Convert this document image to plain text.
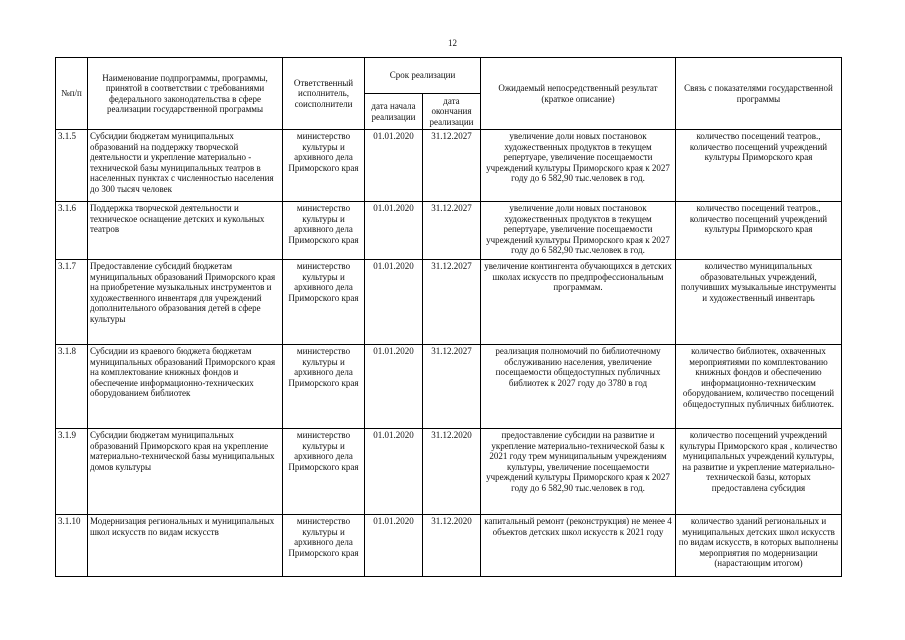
12
№п/п	Наименование подпрограммы, программы, принятой в соответствии с требованиями федерального законодательства в сфере реализации государственной программы	Ответственный исполнитель, соисполнители	Срок реализации		Ожидаемый непосредственный результат (краткое описание)	Связь с показателями государственной программы
			дата начала реализации	дата окончания реализации		
3.1.5	Субсидии бюджетам муниципальных образований на поддержку творческой деятельности и укрепление материально - технической базы муниципальных театров в населенных пунктах с численностью населения до 300 тысяч человек	министерство культуры и архивного дела Приморского края	01.01.2020	31.12.2027	увеличение доли новых постановок художественных продуктов в текущем репертуаре, увеличение посещаемости учреждений культуры Приморского края к 2027 году до 6 582,90 тыс.человек в год.	количество посещений театров., количество посещений учреждений культуры Приморского края
3.1.6	Поддержка творческой деятельности и техническое оснащение детских и кукольных театров	министерство культуры и архивного дела Приморского края	01.01.2020	31.12.2027	увеличение доли новых постановок художественных продуктов в текущем репертуаре, увеличение посещаемости учреждений культуры Приморского края к 2027 году до 6 582,90 тыс.человек в год.	количество посещений театров., количество посещений учреждений культуры Приморского края
3.1.7	Предоставление субсидий бюджетам муниципальных образований Приморского края на приобретение музыкальных инструментов и художественного инвентаря для учреждений дополнительного образования детей в сфере культуры	министерство культуры и архивного дела Приморского края	01.01.2020	31.12.2027	увеличение контингента обучающихся в детских школах искусств по предпрофессиональным программам.	количество муниципальных образовательных учреждений, получивших музыкальные инструменты и художественный инвентарь
3.1.8	Субсидии из краевого бюджета бюджетам муниципальных образований Приморского края на комплектование книжных фондов и обеспечение информационно-технических оборудованием библиотек	министерство культуры и архивного дела Приморского края	01.01.2020	31.12.2027	реализация полномочий по библиотечному обслуживанию населения, увеличение посещаемости общедоступных публичных библиотек к 2027 году до 3780 в год	количество библиотек, охваченных мероприятиями по комплектованию книжных фондов и обеспечению информационно-техническим оборудованием, количество посещений общедоступных публичных библиотек.
3.1.9	Субсидии бюджетам муниципальных образований Приморского края на укрепление материально-технической базы муниципальных домов культуры	министерство культуры и архивного дела Приморского края	01.01.2020	31.12.2020	предоставление субсидии на развитие и укрепление материально-технической базы к 2021 году трем муниципальным учреждениям культуры, увеличение посещаемости учреждений культуры Приморского края к 2027 году до 6 582,90 тыс.человек в год.	количество посещений учреждений культуры Приморского края , количество муниципальных учреждений культуры, на развитие и укрепление материально-технической базы, которых предоставлена субсидия
3.1.10	Модернизация региональных и муниципальных школ искусств по видам искусств	министерство культуры и архивного дела Приморского края	01.01.2020	31.12.2020	капитальный ремонт (реконструкция) не менее 4 объектов детских школ искусств к 2021 году	количество зданий региональных и муниципальных детских школ искусств по видам искусств, в которых выполнены мероприятия по модернизации (нарастающим итогом)
